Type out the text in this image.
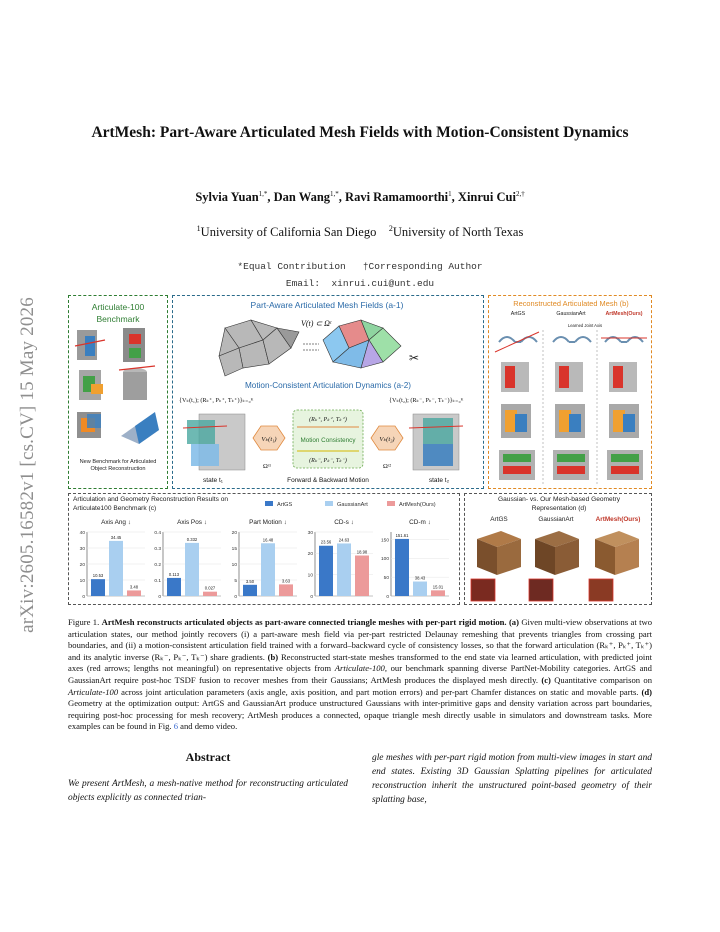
arXiv:2605.16582v1 [cs.CV] 15 May 2026
ArtMesh: Part-Aware Articulated Mesh Fields with Motion-Consistent Dynamics
Sylvia Yuan$^{1,*}$, Dan Wang$^{1,*}$, Ravi Ramamoorthi$^1$, Xinrui Cui$^{2,\dagger}$
$^1$University of California San Diego $^2$University of North Texas
*Equal Contribution   †Corresponding Author
Email:  xinrui.cui@unt.edu
Articulate-100 Benchmark
New Benchmark for Articulated Object Reconstruction
Part-Aware Articulated Mesh Fields (a-1)
V(t) ⊂ Ωᵗ
✂
Motion-Consistent Articulation Dynamics (a-2)
{Vₖ(t₁); (Rₖ⁺, Pₖ⁺, Tₖ⁺)}ₖ₌₀ᴷ	{Vₖ(t₂); (Rₖ⁻, Pₖ⁻, Tₖ⁻)}ₖ₌₀ᴷ
Vₖ(t₁)	Vₖ(t₂)
Ωᵗ¹	Ωᵗ²
(Rₖ⁺, Pₖ⁺, Tₖ⁺)
Motion Consistency
(Rₖ⁻, Pₖ⁻, Tₖ⁻)
state t₁	Forward & Backward Motion	state t₂
Reconstructed Articulated Mesh (b)
ArtGS	GaussianArt	ArtMesh(Ours)
Learned Joint Axis
Articulation and Geometry Reconstruction Results on Articulate100 Benchmark (c)	ArtGS	GaussianArt	ArtMesh(Ours)
Axis Ang ↓
0
10
20
30
40
10.53
34.45
3.48
Axis Pos ↓
0
0.1
0.2
0.3
0.4
0.113
0.332
0.027
Part Motion ↓
0
5
10
15
20
3.50
16.48
3.63
CD-s ↓
0
10
20
30
23.56 24.63
18.98
CD-m ↓
0
50
100
150
151.61
38.43
15.01
Gaussian- vs. Our Mesh-based Geometry Representation (d)
ArtGS	GaussianArt	ArtMesh(Ours)
Figure 1. ArtMesh reconstructs articulated objects as part-aware connected triangle meshes with per-part rigid motion. (a) Given multi-view observations at two articulation states, our method jointly recovers (i) a part-aware mesh field via per-part restricted Delaunay remeshing that prevents triangles from crossing part boundaries, and (ii) a motion-consistent articulation field trained with a forward–backward cycle of consistency losses, so that the forward articulation (Rₖ⁺, Pₖ⁺, Tₖ⁺) and its analytic inverse (Rₖ⁻, Pₖ⁻, Tₖ⁻) share gradients. (b) Reconstructed start-state meshes transformed to the end state via learned articulation, with predicted joint axes (red arrows; lengths not meaningful) on representative objects from Articulate-100, our benchmark spanning diverse PartNet-Mobility categories. ArtGS and GaussianArt require post-hoc TSDF fusion to recover meshes from their Gaussians; ArtMesh produces the displayed mesh directly. (c) Quantitative comparison on Articulate-100 across joint articulation parameters (axis angle, axis position, and part motion errors) and per-part Chamfer distances on static and movable parts. (d) Geometry at the optimization output: ArtGS and GaussianArt produce unstructured Gaussians with inter-primitive gaps and density variation across part boundaries, requiring post-hoc processing for mesh recovery; ArtMesh produces a connected, opaque triangle mesh directly usable in simulators and downstream tasks. More examples can be found in Fig. 6 and demo video.
Abstract
We present ArtMesh, a mesh-native method for reconstructing articulated objects explicitly as connected trian-
gle meshes with per-part rigid motion from multi-view images in start and end states. Existing 3D Gaussian Splatting pipelines for articulated reconstruction inherit the unstructured point-based geometry of their splatting base,
